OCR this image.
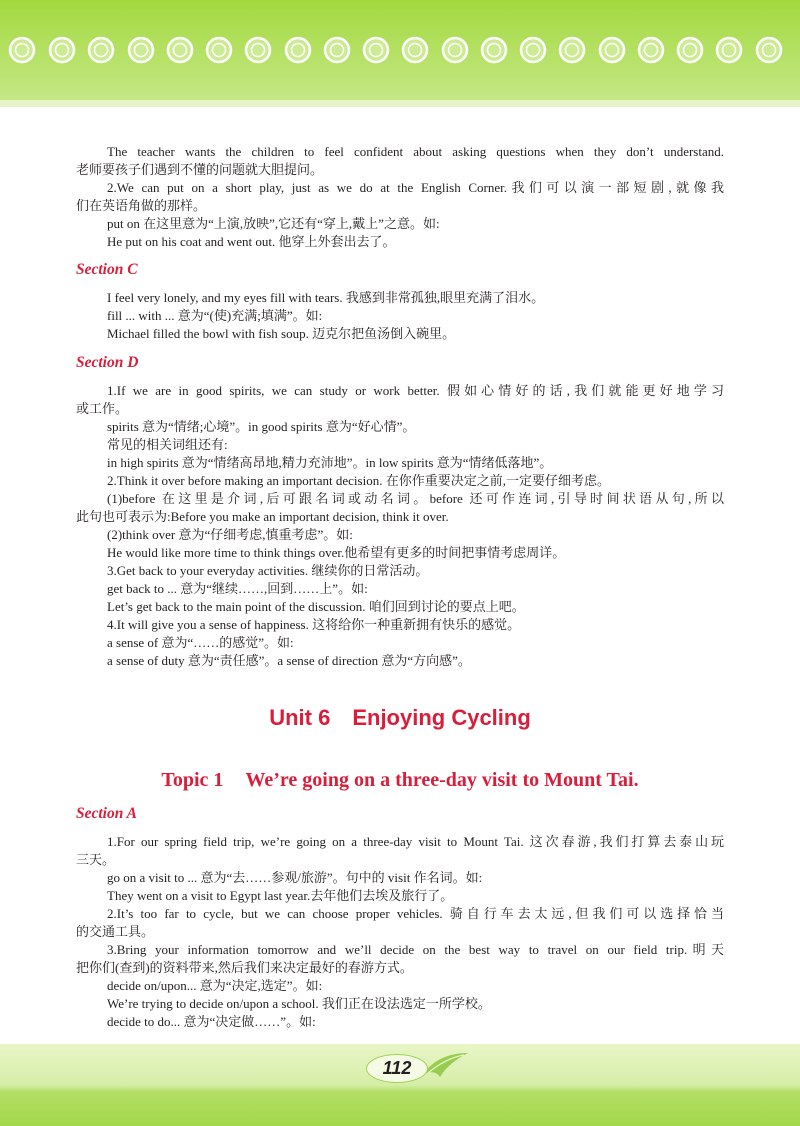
The teacher wants the children to feel confident about asking questions when they don’t understand.
老师要孩子们遇到不懂的问题就大胆提问。
2.We can put on a short play, just as we do at the English Corner.我们可以演一部短剧,就像我
们在英语角做的那样。
put on 在这里意为“上演,放映”,它还有“穿上,戴上”之意。如:
He put on his coat and went out. 他穿上外套出去了。
Section C
I feel very lonely, and my eyes fill with tears. 我感到非常孤独,眼里充满了泪水。
fill ... with ... 意为“(使)充满;填满”。如:
Michael filled the bowl with fish soup. 迈克尔把鱼汤倒入碗里。
Section D
1.If we are in good spirits, we can study or work better. 假如心情好的话,我们就能更好地学习
或工作。
spirits 意为“情绪;心境”。in good spirits 意为“好心情”。
常见的相关词组还有:
in high spirits 意为“情绪高昂地,精力充沛地”。in low spirits 意为“情绪低落地”。
2.Think it over before making an important decision. 在你作重要决定之前,一定要仔细考虑。
(1)before 在这里是介词,后可跟名词或动名词。before 还可作连词,引导时间状语从句,所以
此句也可表示为:Before you make an important decision, think it over.
(2)think over 意为“仔细考虑,慎重考虑”。如:
He would like more time to think things over.他希望有更多的时间把事情考虑周详。
3.Get back to your everyday activities. 继续你的日常活动。
get back to ... 意为“继续……,回到……上”。如:
Let’s get back to the main point of the discussion. 咱们回到讨论的要点上吧。
4.It will give you a sense of happiness. 这将给你一种重新拥有快乐的感觉。
a sense of 意为“……的感觉”。如:
a sense of duty 意为“责任感”。a sense of direction 意为“方向感”。
Unit 6 Enjoying Cycling
Topic 1 We’re going on a three-day visit to Mount Tai.
Section A
1.For our spring field trip, we’re going on a three-day visit to Mount Tai. 这次春游,我们打算去泰山玩
三天。
go on a visit to ... 意为“去……参观/旅游”。句中的 visit 作名词。如:
They went on a visit to Egypt last year.去年他们去埃及旅行了。
2.It’s too far to cycle, but we can choose proper vehicles. 骑自行车去太远,但我们可以选择恰当
的交通工具。
3.Bring your information tomorrow and we’ll decide on the best way to travel on our field trip.明天
把你们(查到)的资料带来,然后我们来决定最好的春游方式。
decide on/upon... 意为“决定,选定”。如:
We’re trying to decide on/upon a school. 我们正在设法选定一所学校。
decide to do... 意为“决定做……”。如:
112
